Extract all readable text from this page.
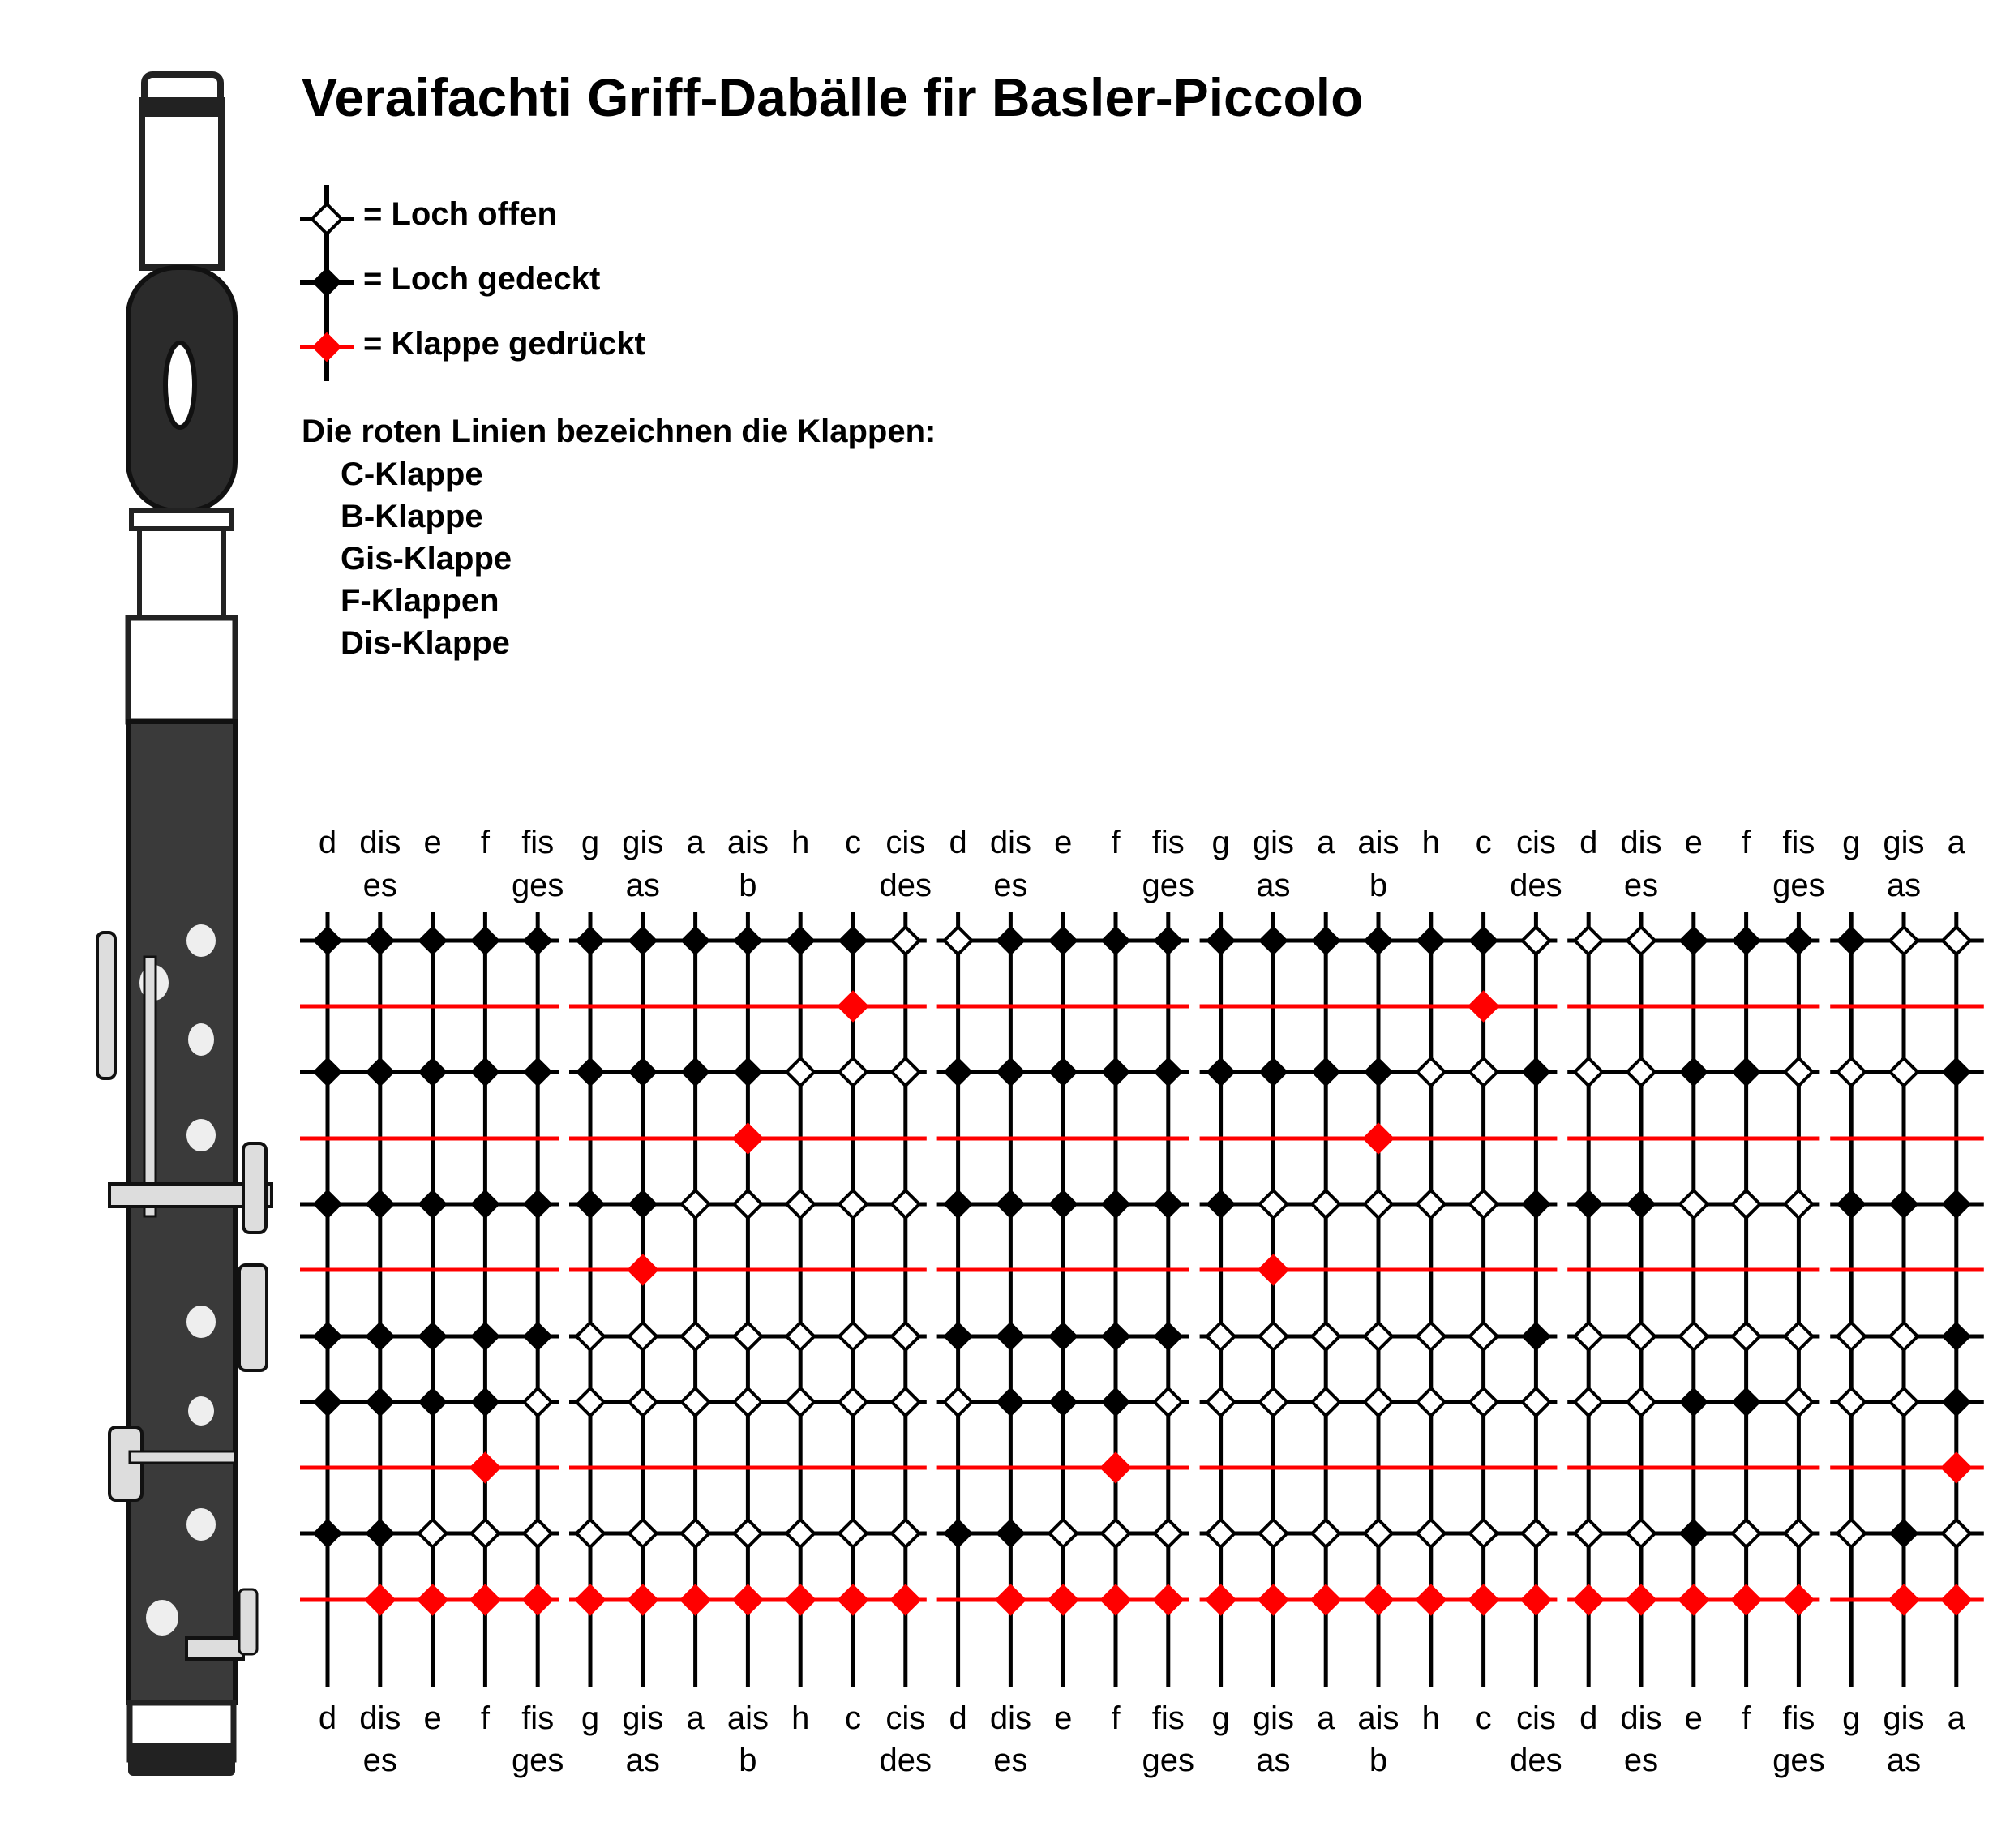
Veraifachti Griff-Dabälle fir Basler-Piccolo
= Loch offen
= Loch gedeckt
= Klappe gedrückt
Die roten Linien bezeichnen die Klappen:
C-Klappe
B-Klappe
Gis-Klappe
F-Klappen
Dis-Klappe
d
d
dis
es
dis
es
e
e
f
f
fis
ges
fis
ges
g
g
gis
as
gis
as
a
a
ais
b
ais
b
h
h
c
c
cis
des
cis
des
d
d
dis
es
dis
es
e
e
f
f
fis
ges
fis
ges
g
g
gis
as
gis
as
a
a
ais
b
ais
b
h
h
c
c
cis
des
cis
des
d
d
dis
es
dis
es
e
e
f
f
fis
ges
fis
ges
g
g
gis
as
gis
as
a
a
